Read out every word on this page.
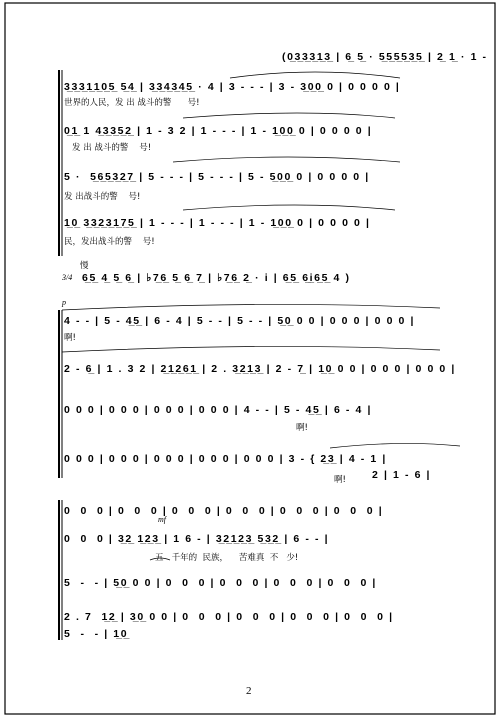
(0̲3̲3̲3̲1̲3̲ | 6̲ 5̲ · 5̲5̲5̲5̲3̲5̲ | 2̲ 1̲ · 1 -
3̲3̲3̲1̲1̲0̲5̲ 5̲4̲ | 3̲3̲4̲3̲4̲5̲ · 4 | 3 - - - | 3 - 3̲0̲0̲ 0 | 0 0 0 0 |
世界的人民，发 出 战斗的警      号!
0̲1̲ 1 4̲3̲3̲5̲2̲ | 1 - 3 2 | 1 - - - | 1 - 1̲0̲0̲ 0 | 0 0 0 0 |
发 出 战斗的警    号!
5 ·  5̲6̲5̲3̲2̲7̲ | 5 - - - | 5 - - - | 5 - 5̲0̲0̲ 0 | 0 0 0 0 |
发 出战斗的警    号!
1̲0̲ 3̲3̲2̲3̲1̲7̲5̲ | 1 - - - | 1 - - - | 1 - 1̲0̲0̲ 0 | 0 0 0 0 |
民，发出战斗的警    号!
慢
3/4 6̲5̲ 4̲ 5̲ 6̲ | ♭7̲6̲ 5̲ 6̲ 7̲ | ♭7̲6̲ 2̲ · i | 6̲5̲ 6̲i̲6̲5̲ 4 )
p
4 - - | 5 - 4̲5̲ | 6 - 4 | 5 - - | 5 - - | 5̲0̲ 0 0 | 0 0 0 | 0 0 0 |
啊!
2 - 6̲ | 1 . 3 2 | 2̲1̲2̲6̲1̲ | 2 . 3̲2̲1̲3̲ | 2 - 7̲ | 1̲0̲ 0 0 | 0 0 0 | 0 0 0 |
0 0 0 | 0 0 0 | 0 0 0 | 0 0 0 | 4 - - | 5 - 4̲5̲ | 6 - 4 |
啊!
0 0 0 | 0 0 0 | 0 0 0 | 0 0 0 | 0 0 0 | 3 - { 2̲3̲ | 4 - 1 |
啊! 2 | 1 - 6 |
0  0  0 | 0  0  0 | 0  0  0 | 0  0  0 | 0  0  0 | 0  0  0 |
mf
0  0  0 | 3̲2̲ 1̲2̲3̲ | 1 6 - | 3̲2̲1̲2̲3̲ 5̲3̲2̲ | 6 - - |
五   千年的  民族，    苦难真  不   少!
5  -  - | 5̲0̲ 0 0 | 0  0  0 | 0  0  0 | 0  0  0 | 0  0  0 |
2 . 7  1̲2̲ | 3̲0̲ 0 0 | 0  0  0 | 0  0  0 | 0  0  0 | 0  0  0 |
5  -  - | 1̲0̲
2
